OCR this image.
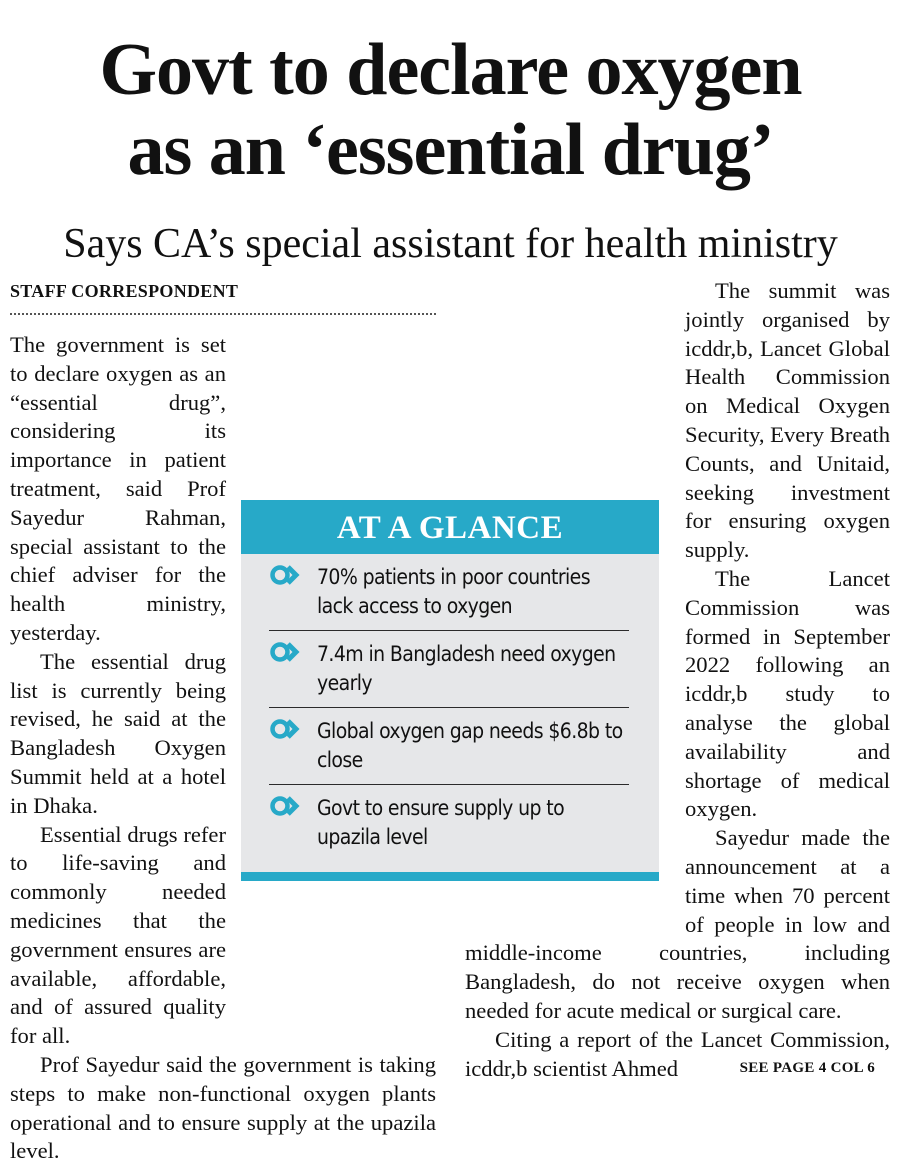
Govt to declare oxygen
as an ‘essential drug’
Says CA’s special assistant for health ministry
STAFF CORRESPONDENT

The government is set to declare oxygen as an “essential drug”, considering its importance in patient treatment, said Prof Sayedur Rahman, special assistant to the chief adviser for the health ministry, yesterday.

The essential drug list is currently being revised, he said at the Bangladesh Oxygen Summit held at a hotel in Dhaka.

Essential drugs refer to life-saving and commonly needed medicines that the government ensures are available, affordable, and of assured quality for all.

Prof Sayedur said the government is taking steps to make non-functional oxygen plants operational and to ensure supply at the upazila level.

The summit was jointly organised by icddr,b, Lancet Global Health Commission on Medical Oxygen Security, Every Breath Counts, and Unitaid, seeking investment for ensuring oxygen supply.

The Lancet Commission was formed in September 2022 following an icddr,b study to analyse the global availability and shortage of medical oxygen.

Sayedur made the announcement at a time when 70 percent of people in low and middle-income countries, including Bangladesh, do not receive oxygen when needed for acute medical or surgical care.

Citing a report of the Lancet Commission, icddr,b scientist Ahmed

AT A GLANCE
70% patients in poor countries lack access to oxygen
7.4m in Bangladesh need oxygen yearly
Global oxygen gap needs $6.8b to close
Govt to ensure supply up to upazila level
SEE PAGE 4 COL 6
